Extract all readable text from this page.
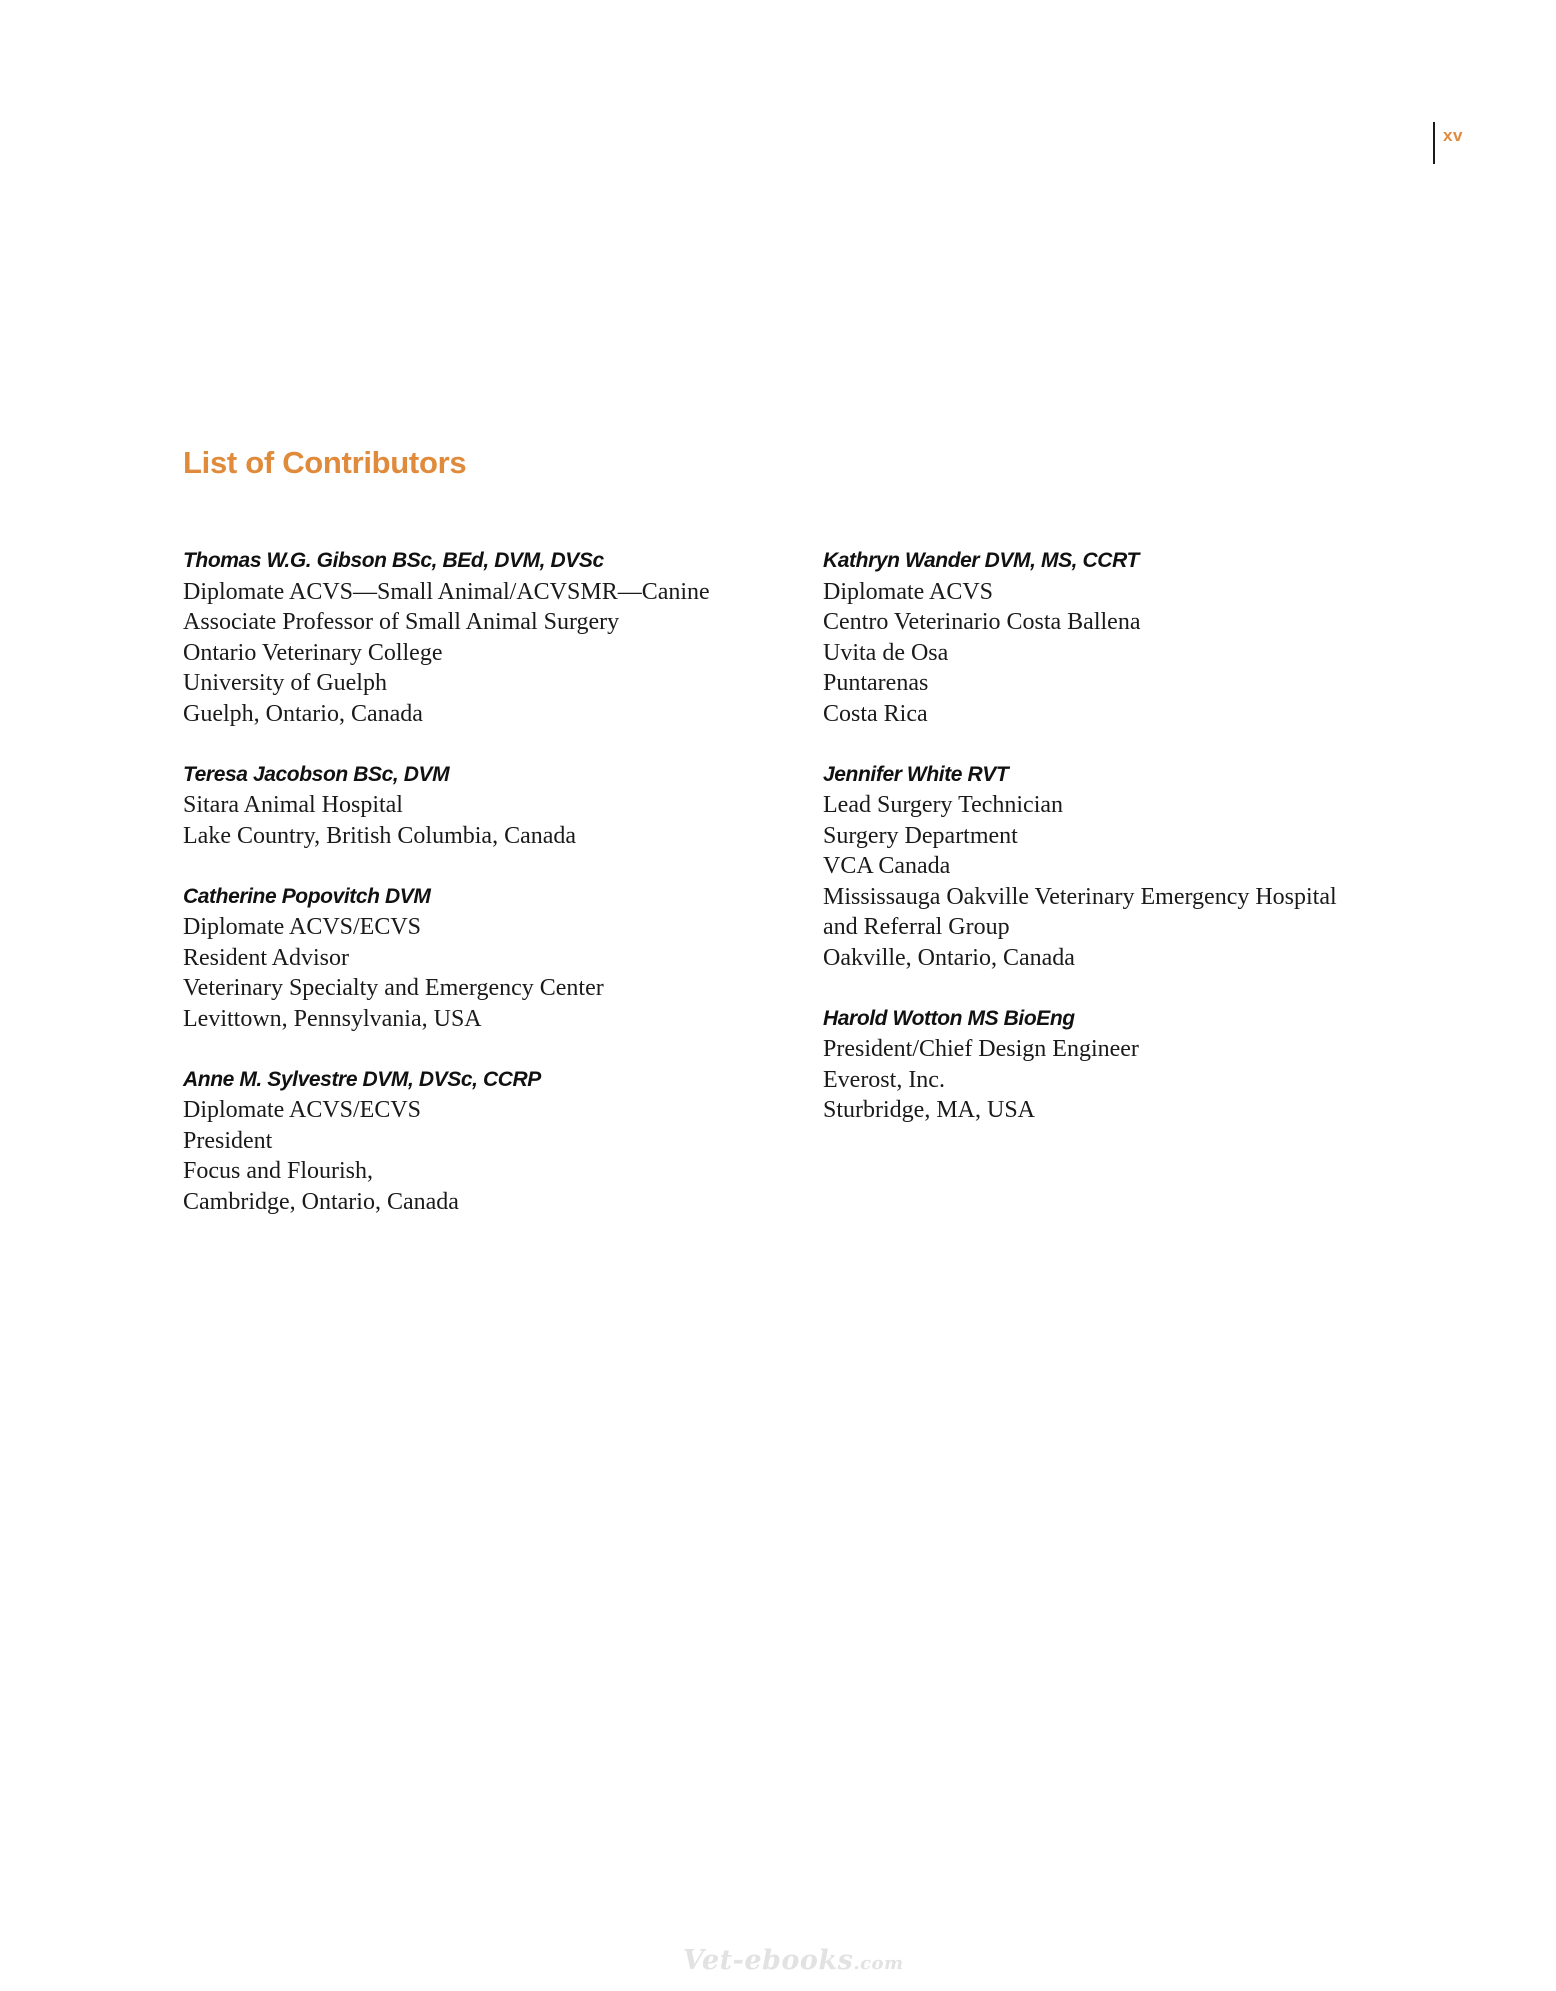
xv
List of Contributors
Thomas W.G. Gibson BSc, BEd, DVM, DVSc
Diplomate ACVS—Small Animal/ACVSMR—Canine
Associate Professor of Small Animal Surgery
Ontario Veterinary College
University of Guelph
Guelph, Ontario, Canada
Teresa Jacobson BSc, DVM
Sitara Animal Hospital
Lake Country, British Columbia, Canada
Catherine Popovitch DVM
Diplomate ACVS/ECVS
Resident Advisor
Veterinary Specialty and Emergency Center
Levittown, Pennsylvania, USA
Anne M. Sylvestre DVM, DVSc, CCRP
Diplomate ACVS/ECVS
President
Focus and Flourish,
Cambridge, Ontario, Canada
Kathryn Wander DVM, MS, CCRT
Diplomate ACVS
Centro Veterinario Costa Ballena
Uvita de Osa
Puntarenas
Costa Rica
Jennifer White RVT
Lead Surgery Technician
Surgery Department
VCA Canada
Mississauga Oakville Veterinary Emergency Hospital
and Referral Group
Oakville, Ontario, Canada
Harold Wotton MS BioEng
President/Chief Design Engineer
Everost, Inc.
Sturbridge, MA, USA
Vet-ebooks.com
